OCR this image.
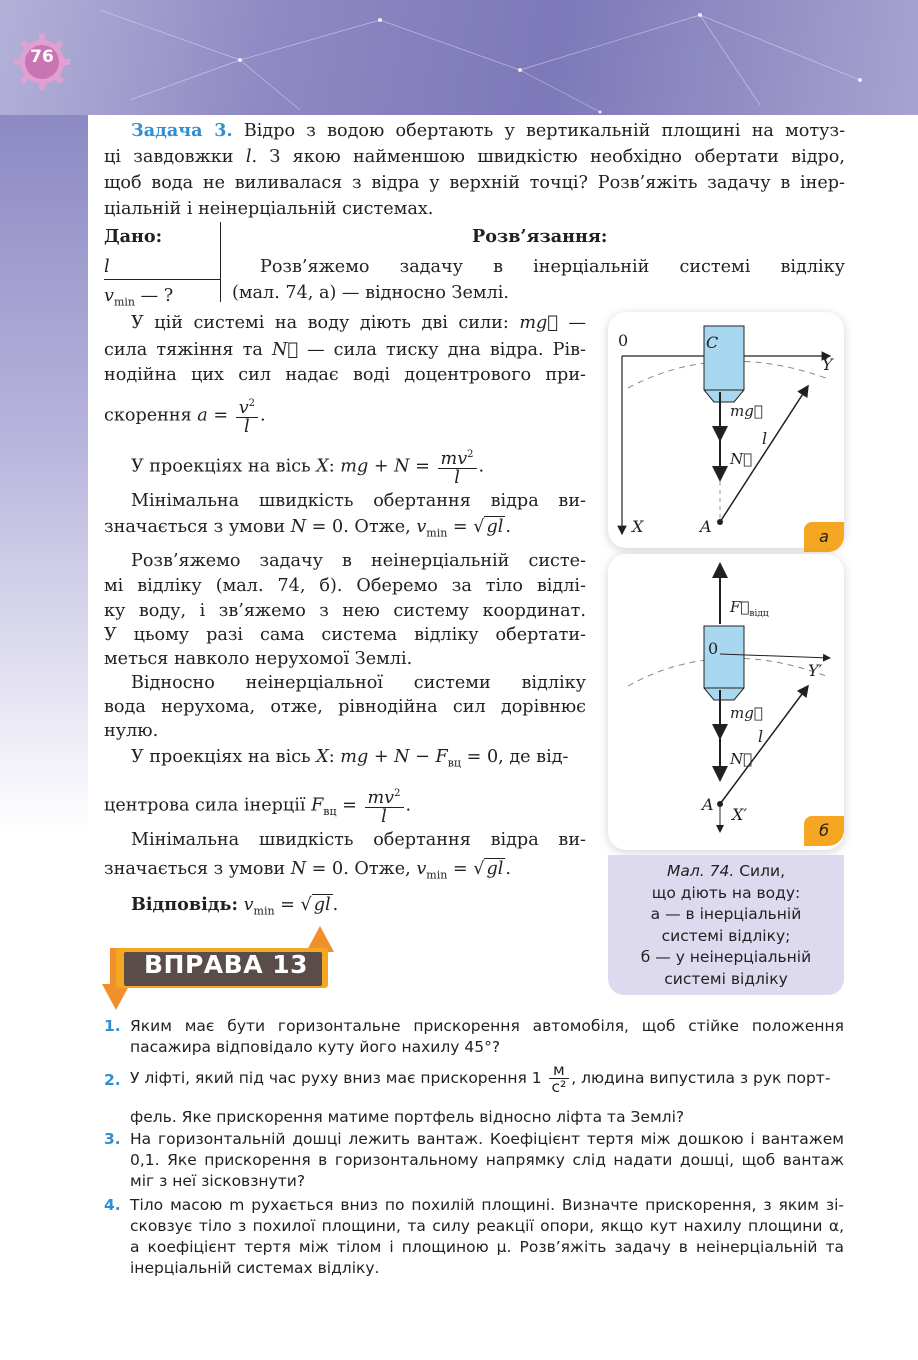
76
Задача 3. Відро з водою обертають у вертикальній площині на мотуз-
ці завдовжки l. З якою найменшою швидкістю необхідно обертати відро,
щоб вода не виливалася з відра у верхній точці? Розв’яжіть задачу в інер-
ціальній і неінерціальній системах.
Дано:
l
$v_{min}$ — ?
Розв’язання:
Розв’яжемо задачу в інерціальній системі відліку
(мал. 74, а) — відносно Землі.
У цій системі на воду діють дві сили: mg⃗ —
сила тяжіння та N⃗ — сила тиску дна відра. Рів-
нодійна цих сил надає воді доцентрового при-
скорення $a = \frac{v^2}{l}$ .
У проекціях на вісь X: mg + $N = \frac{mv^2}{l}$ .
Мінімальна швидкість обертання відра ви-
значається з умови N = 0. Отже, $v_{min}$ = √ gl .
Розв’яжемо задачу в неінерціальній систе-
мі відліку (мал. 74, б). Оберемо за тіло відлі-
ку воду, і зв’яжемо з нею систему координат.
У цьому разі сама система відліку обертати-
меться навколо нерухомої Землі.
Відносно неінерціальної системи відліку
вода нерухома, отже, рівнодійна сил дорівнює
нулю.
У проекціях на вісь X: mg + $N - F_{вц} = 0$, де від-
центрова сила інерції $F_{вц} = \frac{mv^2}{l}$ .
Мінімальна швидкість обертання відра ви-
значається з умови N = 0. Отже, $v_{min}$ = √ gl .
Відповідь: $v_{min}$ = √ gl .
0	C
Y
X	A
l
mg
N
а
$F_{відц}$
0
Y′
mg
l
N
A
X′
б
Мал. 74. Сили,
що діють на воду:
а — в інерціальній
системі відліку;
б — у неінерціальній
системі відліку
ВПРАВА 13
1. Яким має бути горизонтальне прискорення автомобіля, щоб стійке положення
пасажира відповідало куту його нахилу 45°?
2. У ліфті, який під час руху вниз має прискорення $1 \frac{м}{\text{с²}}$ , людина випустила з рук порт-
фель. Яке прискорення матиме портфель відносно ліфта та Землі?
3. На горизонтальній дошці лежить вантаж. Коефіцієнт тертя між дошкою і вантажем
0,1. Яке прискорення в горизонтальному напрямку слід надати дошці, щоб вантаж
міг з неї зісковзнути?
4. Тіло масою m рухається вниз по похилій площині. Визначте прискорення, з яким зі-
сковзує тіло з похилої площини, та силу реакції опори, якщо кут нахилу площини α,
а коефіцієнт тертя між тілом і площиною μ. Розв’яжіть задачу в неінерціальній та
інерціальній системах відліку.
